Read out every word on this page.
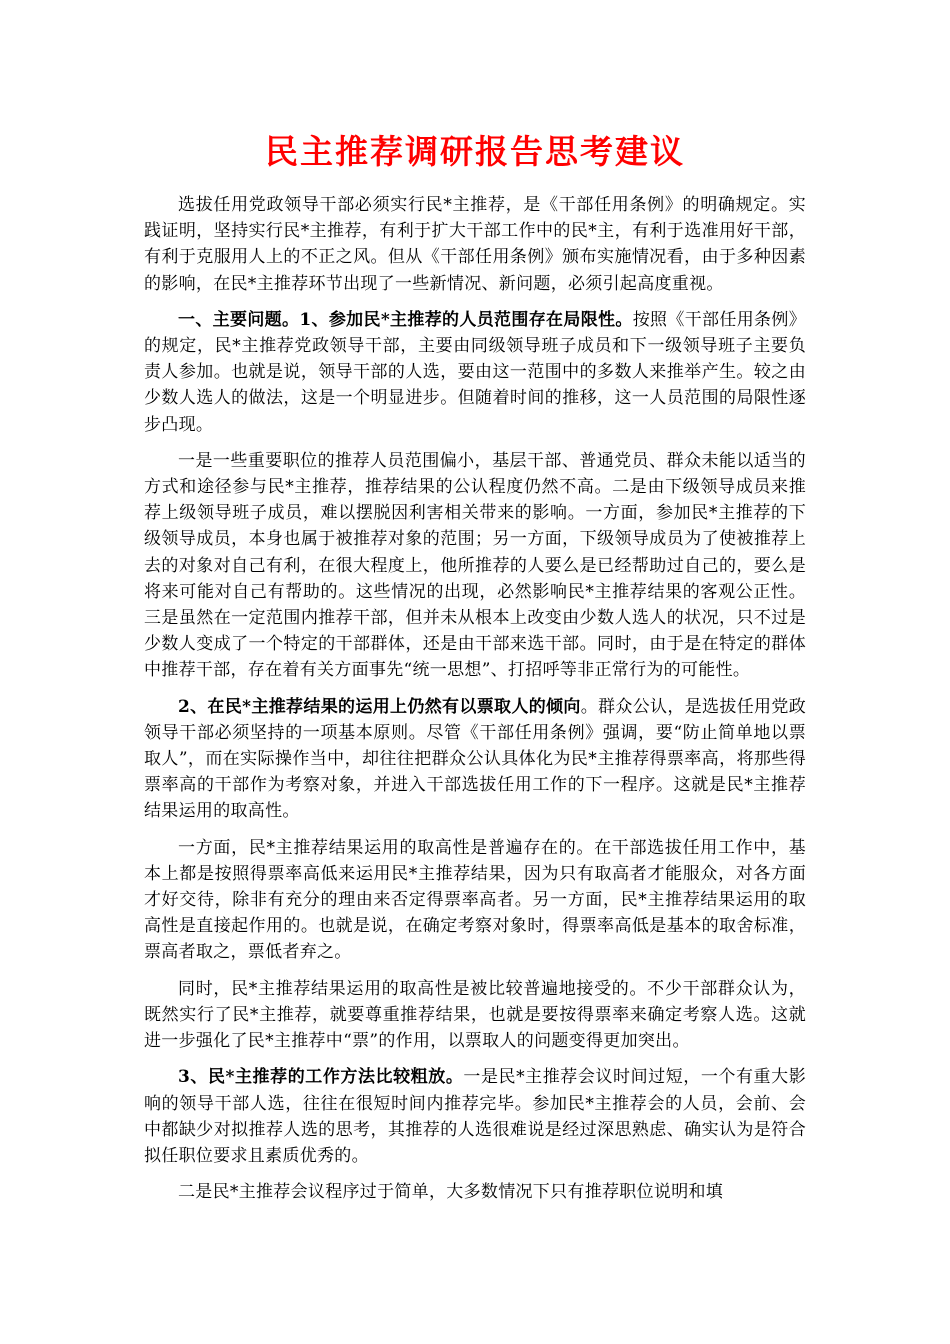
民主推荐调研报告思考建议

选拔任用党政领导干部必须实行民*主推荐，是《干部任用条例》的明确规定。实践证明，坚持实行民*主推荐，有利于扩大干部工作中的民*主，有利于选准用好干部，有利于克服用人上的不正之风。但从《干部任用条例》颁布实施情况看，由于多种因素的影响，在民*主推荐环节出现了一些新情况、新问题，必须引起高度重视。

一、主要问题。1、参加民*主推荐的人员范围存在局限性。按照《干部任用条例》的规定，民*主推荐党政领导干部，主要由同级领导班子成员和下一级领导班子主要负责人参加。也就是说，领导干部的人选，要由这一范围中的多数人来推举产生。较之由少数人选人的做法，这是一个明显进步。但随着时间的推移，这一人员范围的局限性逐步凸现。

一是一些重要职位的推荐人员范围偏小，基层干部、普通党员、群众未能以适当的方式和途径参与民*主推荐，推荐结果的公认程度仍然不高。二是由下级领导成员来推荐上级领导班子成员，难以摆脱因利害相关带来的影响。一方面，参加民*主推荐的下级领导成员，本身也属于被推荐对象的范围；另一方面，下级领导成员为了使被推荐上去的对象对自己有利，在很大程度上，他所推荐的人要么是已经帮助过自己的，要么是将来可能对自己有帮助的。这些情况的出现，必然影响民*主推荐结果的客观公正性。三是虽然在一定范围内推荐干部，但并未从根本上改变由少数人选人的状况，只不过是少数人变成了一个特定的干部群体，还是由干部来选干部。同时，由于是在特定的群体中推荐干部，存在着有关方面事先“统一思想”、打招呼等非正常行为的可能性。

2、在民*主推荐结果的运用上仍然有以票取人的倾向。群众公认，是选拔任用党政领导干部必须坚持的一项基本原则。尽管《干部任用条例》强调，要“防止简单地以票取人”，而在实际操作当中，却往往把群众公认具体化为民*主推荐得票率高，将那些得票率高的干部作为考察对象，并进入干部选拔任用工作的下一程序。这就是民*主推荐结果运用的取高性。

一方面，民*主推荐结果运用的取高性是普遍存在的。在干部选拔任用工作中，基本上都是按照得票率高低来运用民*主推荐结果，因为只有取高者才能服众，对各方面才好交待，除非有充分的理由来否定得票率高者。另一方面，民*主推荐结果运用的取高性是直接起作用的。也就是说，在确定考察对象时，得票率高低是基本的取舍标准，票高者取之，票低者弃之。

同时，民*主推荐结果运用的取高性是被比较普遍地接受的。不少干部群众认为，既然实行了民*主推荐，就要尊重推荐结果，也就是要按得票率来确定考察人选。这就进一步强化了民*主推荐中“票”的作用，以票取人的问题变得更加突出。

3、民*主推荐的工作方法比较粗放。一是民*主推荐会议时间过短，一个有重大影响的领导干部人选，往往在很短时间内推荐完毕。参加民*主推荐会的人员，会前、会中都缺少对拟推荐人选的思考，其推荐的人选很难说是经过深思熟虑、确实认为是符合拟任职位要求且素质优秀的。

二是民*主推荐会议程序过于简单，大多数情况下只有推荐职位说明和填
